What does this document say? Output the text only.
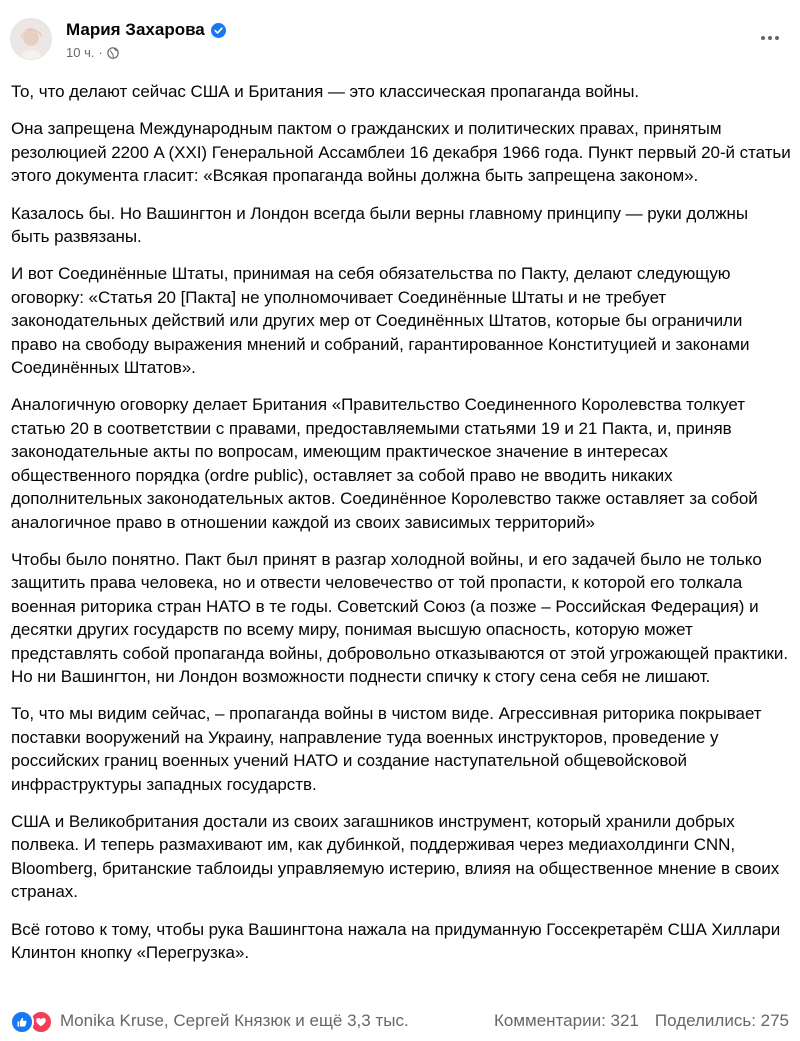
Мария Захарова
10 ч. ·

То, что делают сейчас США и Британия — это классическая пропаганда войны.

Она запрещена Международным пактом о гражданских и политических правах, принятым резолюцией 2200 A (XXI) Генеральной Ассамблеи 16 декабря 1966 года. Пункт первый 20-й статьи этого документа гласит: «Всякая пропаганда войны должна быть запрещена законом».

Казалось бы. Но Вашингтон и Лондон всегда были верны главному принципу — руки должны быть развязаны.

И вот Соединённые Штаты, принимая на себя обязательства по Пакту, делают следующую оговорку: «Статья 20 [Пакта] не уполномочивает Соединённые Штаты и не требует законодательных действий или других мер от Соединённых Штатов, которые бы ограничили право на свободу выражения мнений и собраний, гарантированное Конституцией и законами Соединённых Штатов».

Аналогичную оговорку делает Британия «Правительство Соединенного Королевства толкует статью 20 в соответствии с правами, предоставляемыми статьями 19 и 21 Пакта, и, приняв законодательные акты по вопросам, имеющим практическое значение в интересах общественного порядка (ordre public), оставляет за собой право не вводить никаких дополнительных законодательных актов. Соединённое Королевство также оставляет за собой аналогичное право в отношении каждой из своих зависимых территорий»

Чтобы было понятно. Пакт был принят в разгар холодной войны, и его задачей было не только защитить права человека, но и отвести человечество от той пропасти, к которой его толкала военная риторика стран НАТО в те годы. Советский Союз (а позже – Российская Федерация) и десятки других государств по всему миру, понимая высшую опасность, которую может представлять собой пропаганда войны, добровольно отказываются от этой угрожающей практики. Но ни Вашингтон, ни Лондон возможности поднести спичку к стогу сена себя не лишают.

То, что мы видим сейчас, – пропаганда войны в чистом виде. Агрессивная риторика покрывает поставки вооружений на Украину, направление туда военных инструкторов, проведение у российских границ военных учений НАТО и создание наступательной общевойсковой инфраструктуры западных государств.

США и Великобритания достали из своих загашников инструмент, который хранили добрых полвека. И теперь размахивают им, как дубинкой, поддерживая через медиахолдинги CNN, Bloomberg, британские таблоиды управляемую истерию, влияя на общественное мнение в своих странах.

Всё готово к тому, чтобы рука Вашингтона нажала на придуманную Госсекретарём США Хиллари Клинтон кнопку «Перегрузка».

Monika Kruse, Сергей Князюк и ещё 3,3 тыс.	Комментарии: 321 Поделились: 275
